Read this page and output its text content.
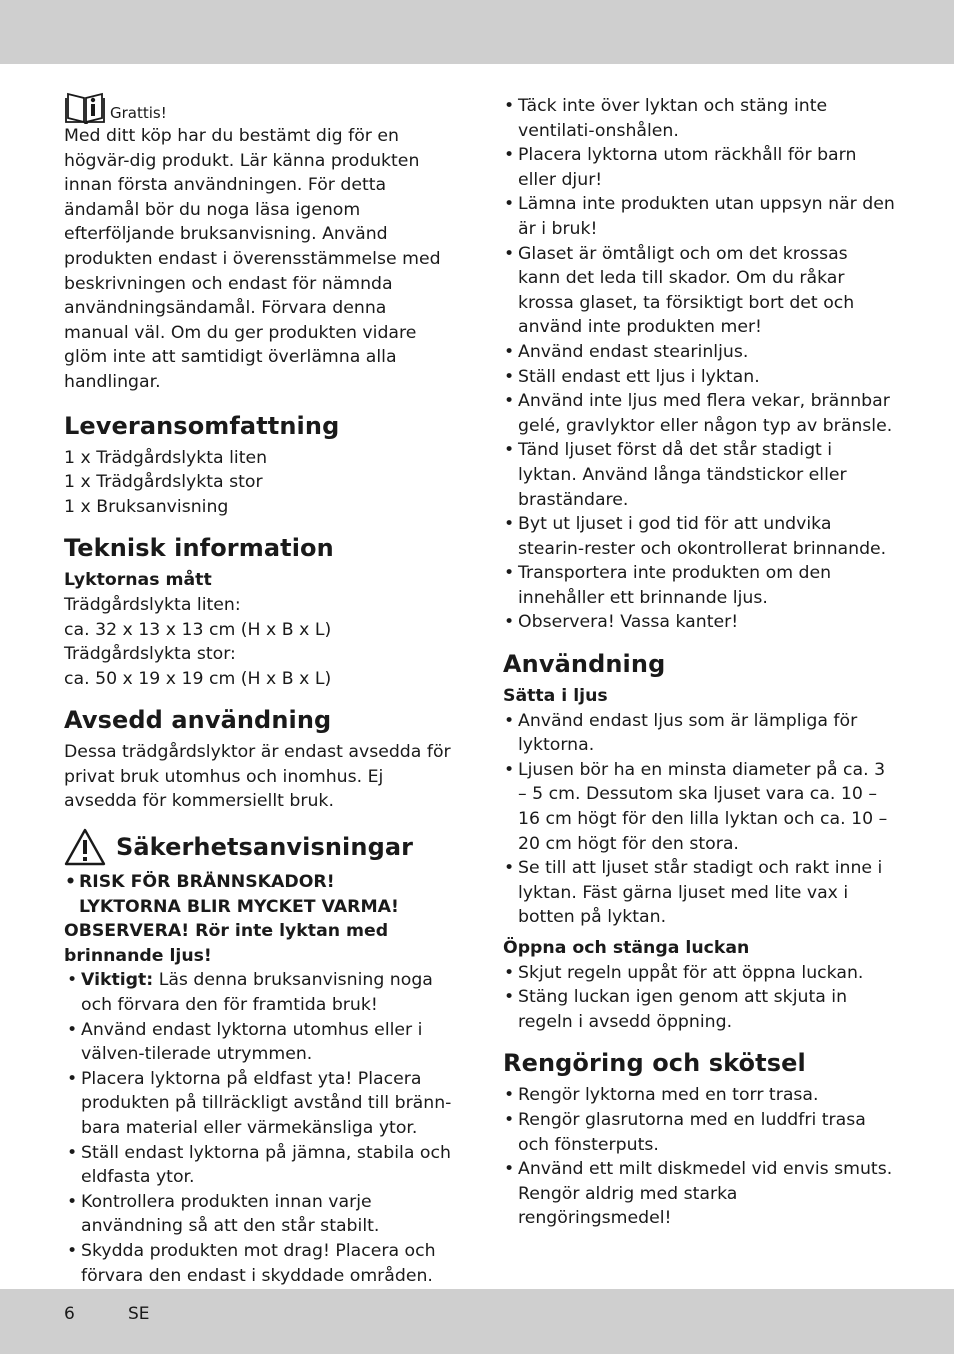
Grattis!

Med ditt köp har du bestämt dig för en högvär-dig produkt. Lär känna produkten innan första användningen. För detta ändamål bör du noga läsa igenom efterföljande bruksanvisning. Använd produkten endast i överensstämmelse med beskrivningen och endast för nämnda användningsändamål. Förvara denna manual väl. Om du ger produkten vidare glöm inte att samtidigt överlämna alla handlingar.

Leveransomfattning

1 x Trädgårdslykta liten

1 x Trädgårdslykta stor

1 x Bruksanvisning

Teknisk information
Lyktornas mått

Trädgårdslykta liten:

ca. 32 x 13 x 13 cm (H x B x L)

Trädgårdslykta stor:

ca. 50 x 19 x 19 cm (H x B x L)

Avsedd användning

Dessa trädgårdslyktor är endast avsedda för privat bruk utomhus och inomhus. Ej avsedda för kommersiellt bruk.

Säkerhetsanvisningar
• RISK FÖR BRÄNNSKADOR!
LYKTORNA BLIR MYCKET VARMA!

OBSERVERA! Rör inte lyktan med brinnande ljus!

• Viktigt: Läs denna bruksanvisning noga och förvara den för framtida bruk!
• Använd endast lyktorna utomhus eller i välven-tilerade utrymmen.
• Placera lyktorna på eldfast yta! Placera produkten på tillräckligt avstånd till bränn-bara material eller värmekänsliga ytor.
• Ställ endast lyktorna på jämna, stabila och eldfasta ytor.
• Kontrollera produkten innan varje användning så att den står stabilt.
• Skydda produkten mot drag! Placera och förvara den endast i skyddade områden.
• Täck inte över lyktan och stäng inte ventilati-onshålen.
• Placera lyktorna utom räckhåll för barn eller djur!
• Lämna inte produkten utan uppsyn när den är i bruk!
• Glaset är ömtåligt och om det krossas kann det leda till skador. Om du råkar krossa glaset, ta försiktigt bort det och använd inte produkten mer!
• Använd endast stearinljus.
• Ställ endast ett ljus i lyktan.
• Använd inte ljus med flera vekar, brännbar gelé, gravlyktor eller någon typ av bränsle.
• Tänd ljuset först då det står stadigt i lyktan. Använd långa tändstickor eller braständare.
• Byt ut ljuset i god tid för att undvika stearin-rester och okontrollerat brinnande.
• Transportera inte produkten om den innehåller ett brinnande ljus.
• Observera! Vassa kanter!
Användning
Sätta i ljus
• Använd endast ljus som är lämpliga för lyktorna.
• Ljusen bör ha en minsta diameter på ca. 3 – 5 cm. Dessutom ska ljuset vara ca. 10 – 16 cm högt för den lilla lyktan och ca. 10 – 20 cm högt för den stora.
• Se till att ljuset står stadigt och rakt inne i lyktan. Fäst gärna ljuset med lite vax i botten på lyktan.
Öppna och stänga luckan
• Skjut regeln uppåt för att öppna luckan.
• Stäng luckan igen genom att skjuta in regeln i avsedd öppning.
Rengöring och skötsel
• Rengör lyktorna med en torr trasa.
• Rengör glasrutorna med en luddfri trasa och fönsterputs.
• Använd ett milt diskmedel vid envis smuts. Rengör aldrig med starka rengöringsmedel!
6	SE
